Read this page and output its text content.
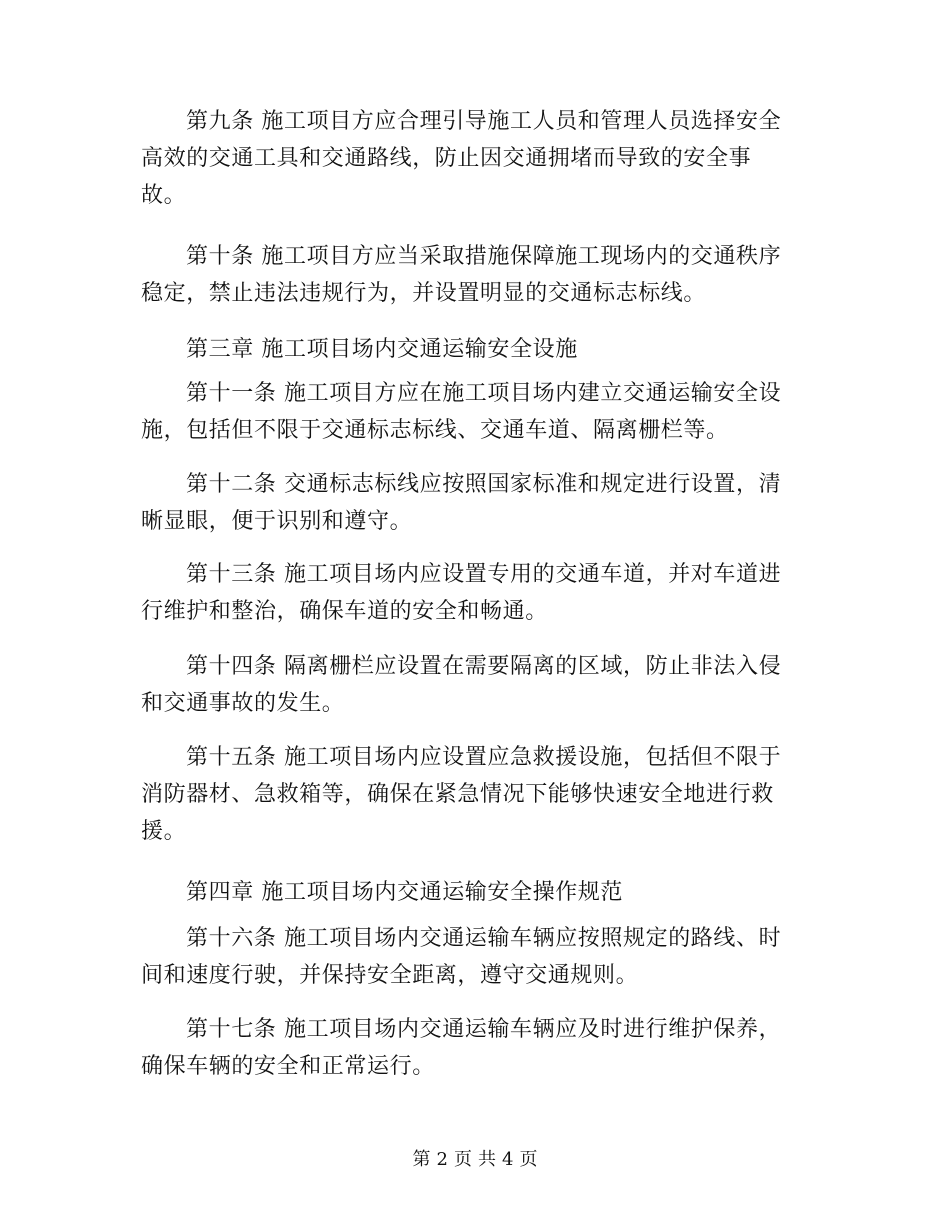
第九条 施工项目方应合理引导施工人员和管理人员选择安全
高效的交通工具和交通路线，防止因交通拥堵而导致的安全事
故。
第十条 施工项目方应当采取措施保障施工现场内的交通秩序
稳定，禁止违法违规行为，并设置明显的交通标志标线。
第三章 施工项目场内交通运输安全设施
第十一条 施工项目方应在施工项目场内建立交通运输安全设
施，包括但不限于交通标志标线、交通车道、隔离栅栏等。
第十二条 交通标志标线应按照国家标准和规定进行设置，清
晰显眼，便于识别和遵守。
第十三条 施工项目场内应设置专用的交通车道，并对车道进
行维护和整治，确保车道的安全和畅通。
第十四条 隔离栅栏应设置在需要隔离的区域，防止非法入侵
和交通事故的发生。
第十五条 施工项目场内应设置应急救援设施，包括但不限于
消防器材、急救箱等，确保在紧急情况下能够快速安全地进行救
援。
第四章 施工项目场内交通运输安全操作规范
第十六条 施工项目场内交通运输车辆应按照规定的路线、时
间和速度行驶，并保持安全距离，遵守交通规则。
第十七条 施工项目场内交通运输车辆应及时进行维护保养，
确保车辆的安全和正常运行。
第 2 页 共 4 页
